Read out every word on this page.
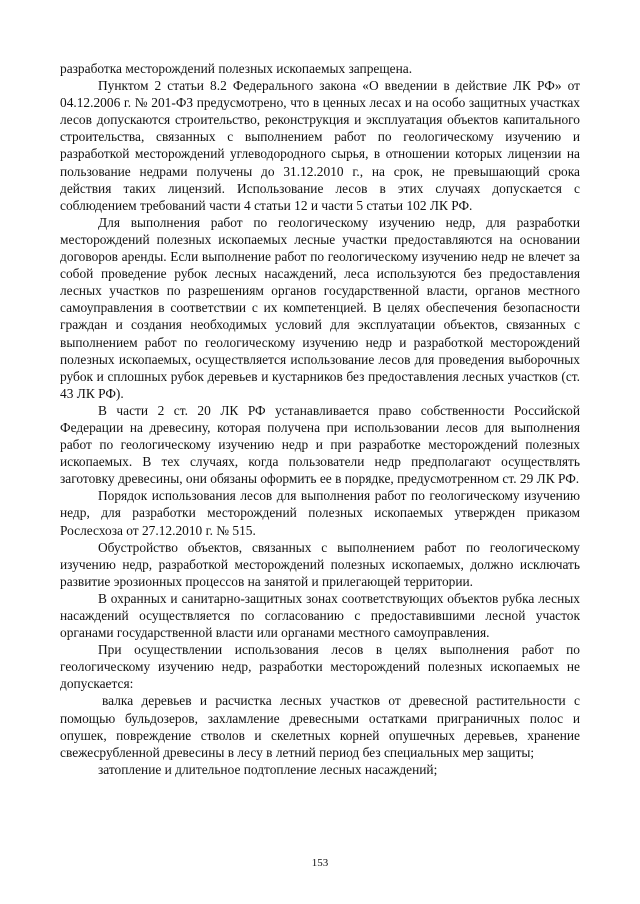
разработка месторождений полезных ископаемых запрещена.

Пунктом 2 статьи 8.2 Федерального закона «О введении в действие ЛК РФ» от 04.12.2006 г. № 201-ФЗ предусмотрено, что в ценных лесах и на особо защитных участках лесов допускаются строительство, реконструкция и эксплуатация объектов капитального строительства, связанных с выполнением работ по геологическому изучению и разработкой месторождений углеводородного сырья, в отношении которых лицензии на пользование недрами получены до 31.12.2010 г., на срок, не превышающий срока действия таких лицензий. Использование лесов в этих случаях допускается с соблюдением требований части 4 статьи 12 и части 5 статьи 102 ЛК РФ.

Для выполнения работ по геологическому изучению недр, для разработки месторождений полезных ископаемых лесные участки предоставляются на основании договоров аренды. Если выполнение работ по геологическому изучению недр не влечет за собой проведение рубок лесных насаждений, леса используются без предоставления лесных участков по разрешениям органов государственной власти, органов местного самоуправления в соответствии с их компетенцией. В целях обеспечения безопасности граждан и создания необходимых условий для эксплуатации объектов, связанных с выполнением работ по геологическому изучению недр и разработкой месторождений полезных ископаемых, осуществляется использование лесов для проведения выборочных рубок и сплошных рубок деревьев и кустарников без предоставления лесных участков (ст. 43 ЛК РФ).

В части 2 ст. 20 ЛК РФ устанавливается право собственности Российской Федерации на древесину, которая получена при использовании лесов для выполнения работ по геологическому изучению недр и при разработке месторождений полезных ископаемых. В тех случаях, когда пользователи недр предполагают осуществлять заготовку древесины, они обязаны оформить ее в порядке, предусмотренном ст. 29 ЛК РФ.

Порядок использования лесов для выполнения работ по геологическому изучению недр, для разработки месторождений полезных ископаемых утвержден приказом Рослесхоза от 27.12.2010 г. № 515.

Обустройство объектов, связанных с выполнением работ по геологическому изучению недр, разработкой месторождений полезных ископаемых, должно исключать развитие эрозионных процессов на занятой и прилегающей территории.

В охранных и санитарно-защитных зонах соответствующих объектов рубка лесных насаждений осуществляется по согласованию с предоставившими лесной участок органами государственной власти или органами местного самоуправления.

При осуществлении использования лесов в целях выполнения работ по геологическому изучению недр, разработки месторождений полезных ископаемых не допускается:

валка деревьев и расчистка лесных участков от древесной растительности с помощью бульдозеров, захламление древесными остатками приграничных полос и опушек, повреждение стволов и скелетных корней опушечных деревьев, хранение свежесрубленной древесины в лесу в летний период без специальных мер защиты;

затопление и длительное подтопление лесных насаждений;

153
